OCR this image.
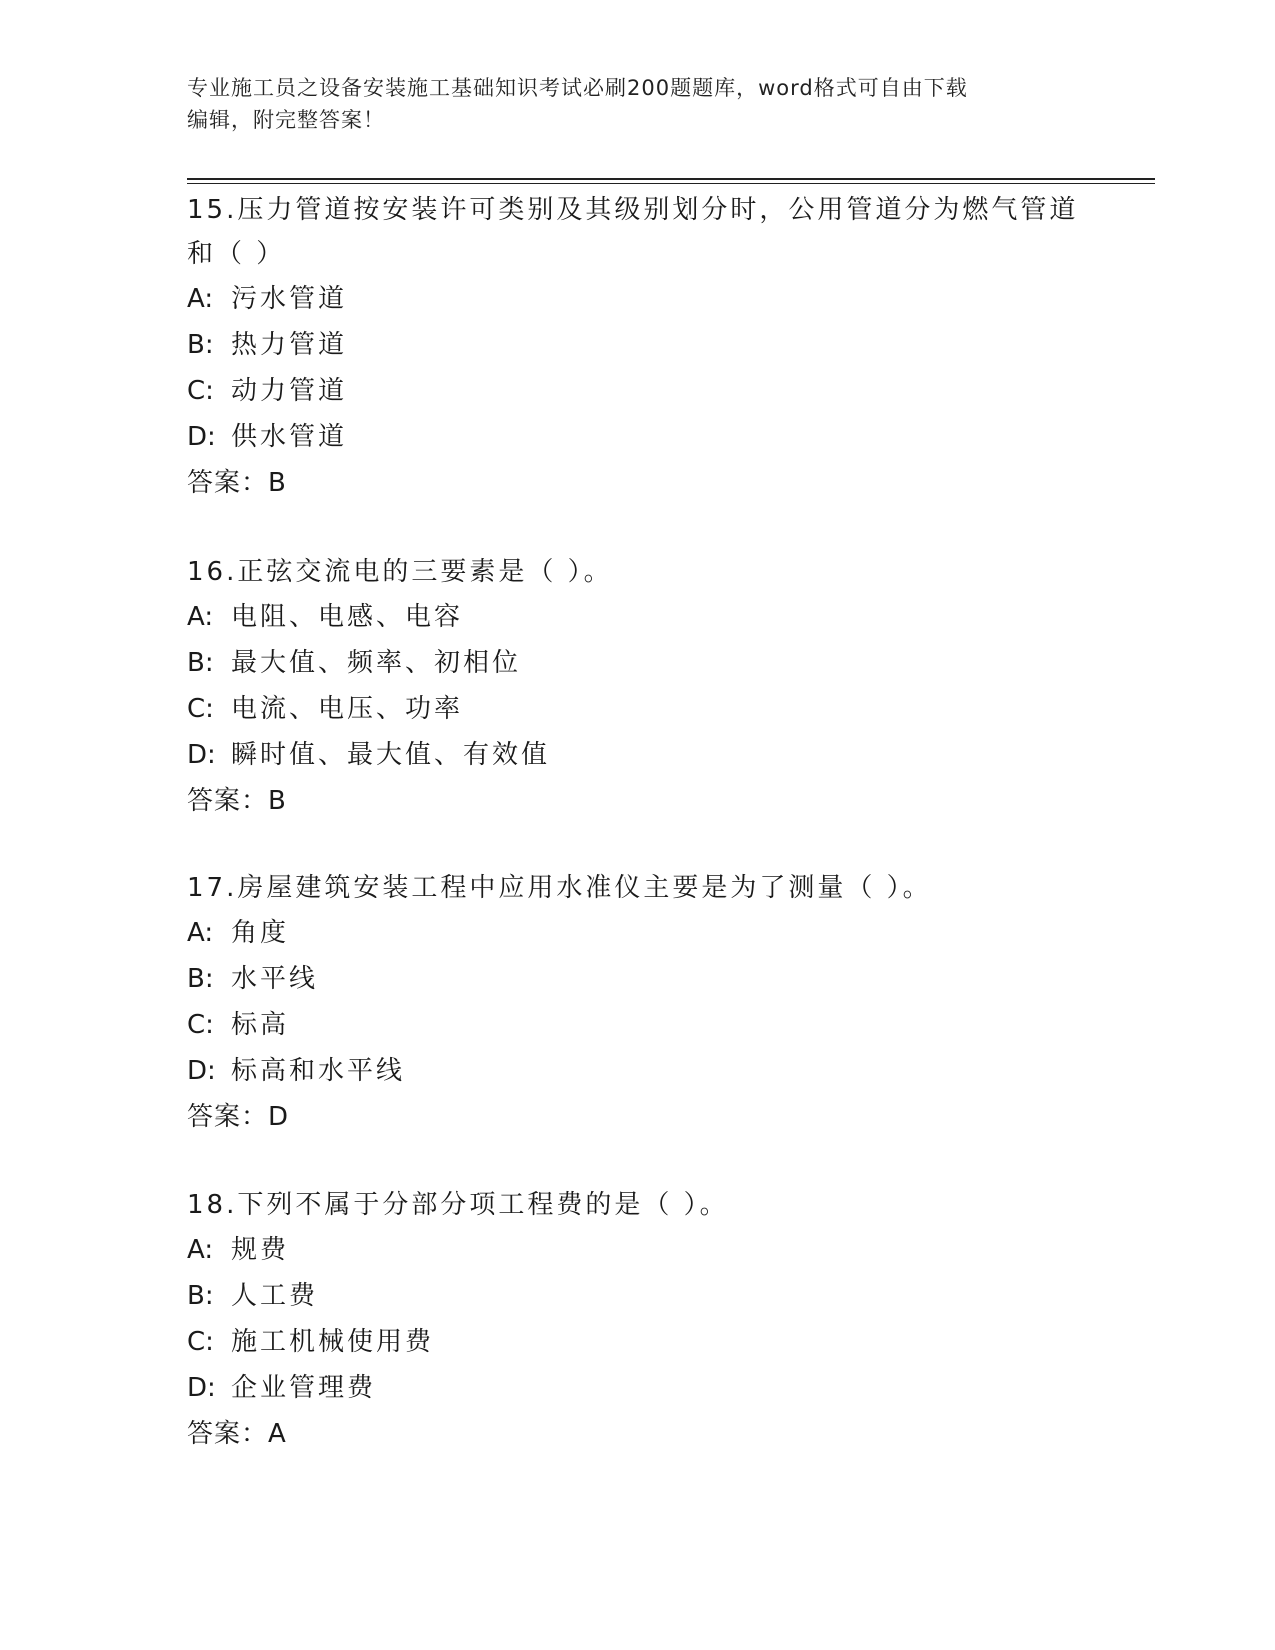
专业施工员之设备安装施工基础知识考试必刷200题题库，word格式可自由下载
编辑，附完整答案！
15.压力管道按安装许可类别及其级别划分时，公用管道分为燃气管道
和（ ）
A: 污水管道
B: 热力管道
C: 动力管道
D: 供水管道
答案：B
16.正弦交流电的三要素是（ ）。
A: 电阻、电感、电容
B: 最大值、频率、初相位
C: 电流、电压、功率
D: 瞬时值、最大值、有效值
答案：B
17.房屋建筑安装工程中应用水准仪主要是为了测量（ ）。
A: 角度
B: 水平线
C: 标高
D: 标高和水平线
答案：D
18.下列不属于分部分项工程费的是（ ）。
A: 规费
B: 人工费
C: 施工机械使用费
D: 企业管理费
答案：A
